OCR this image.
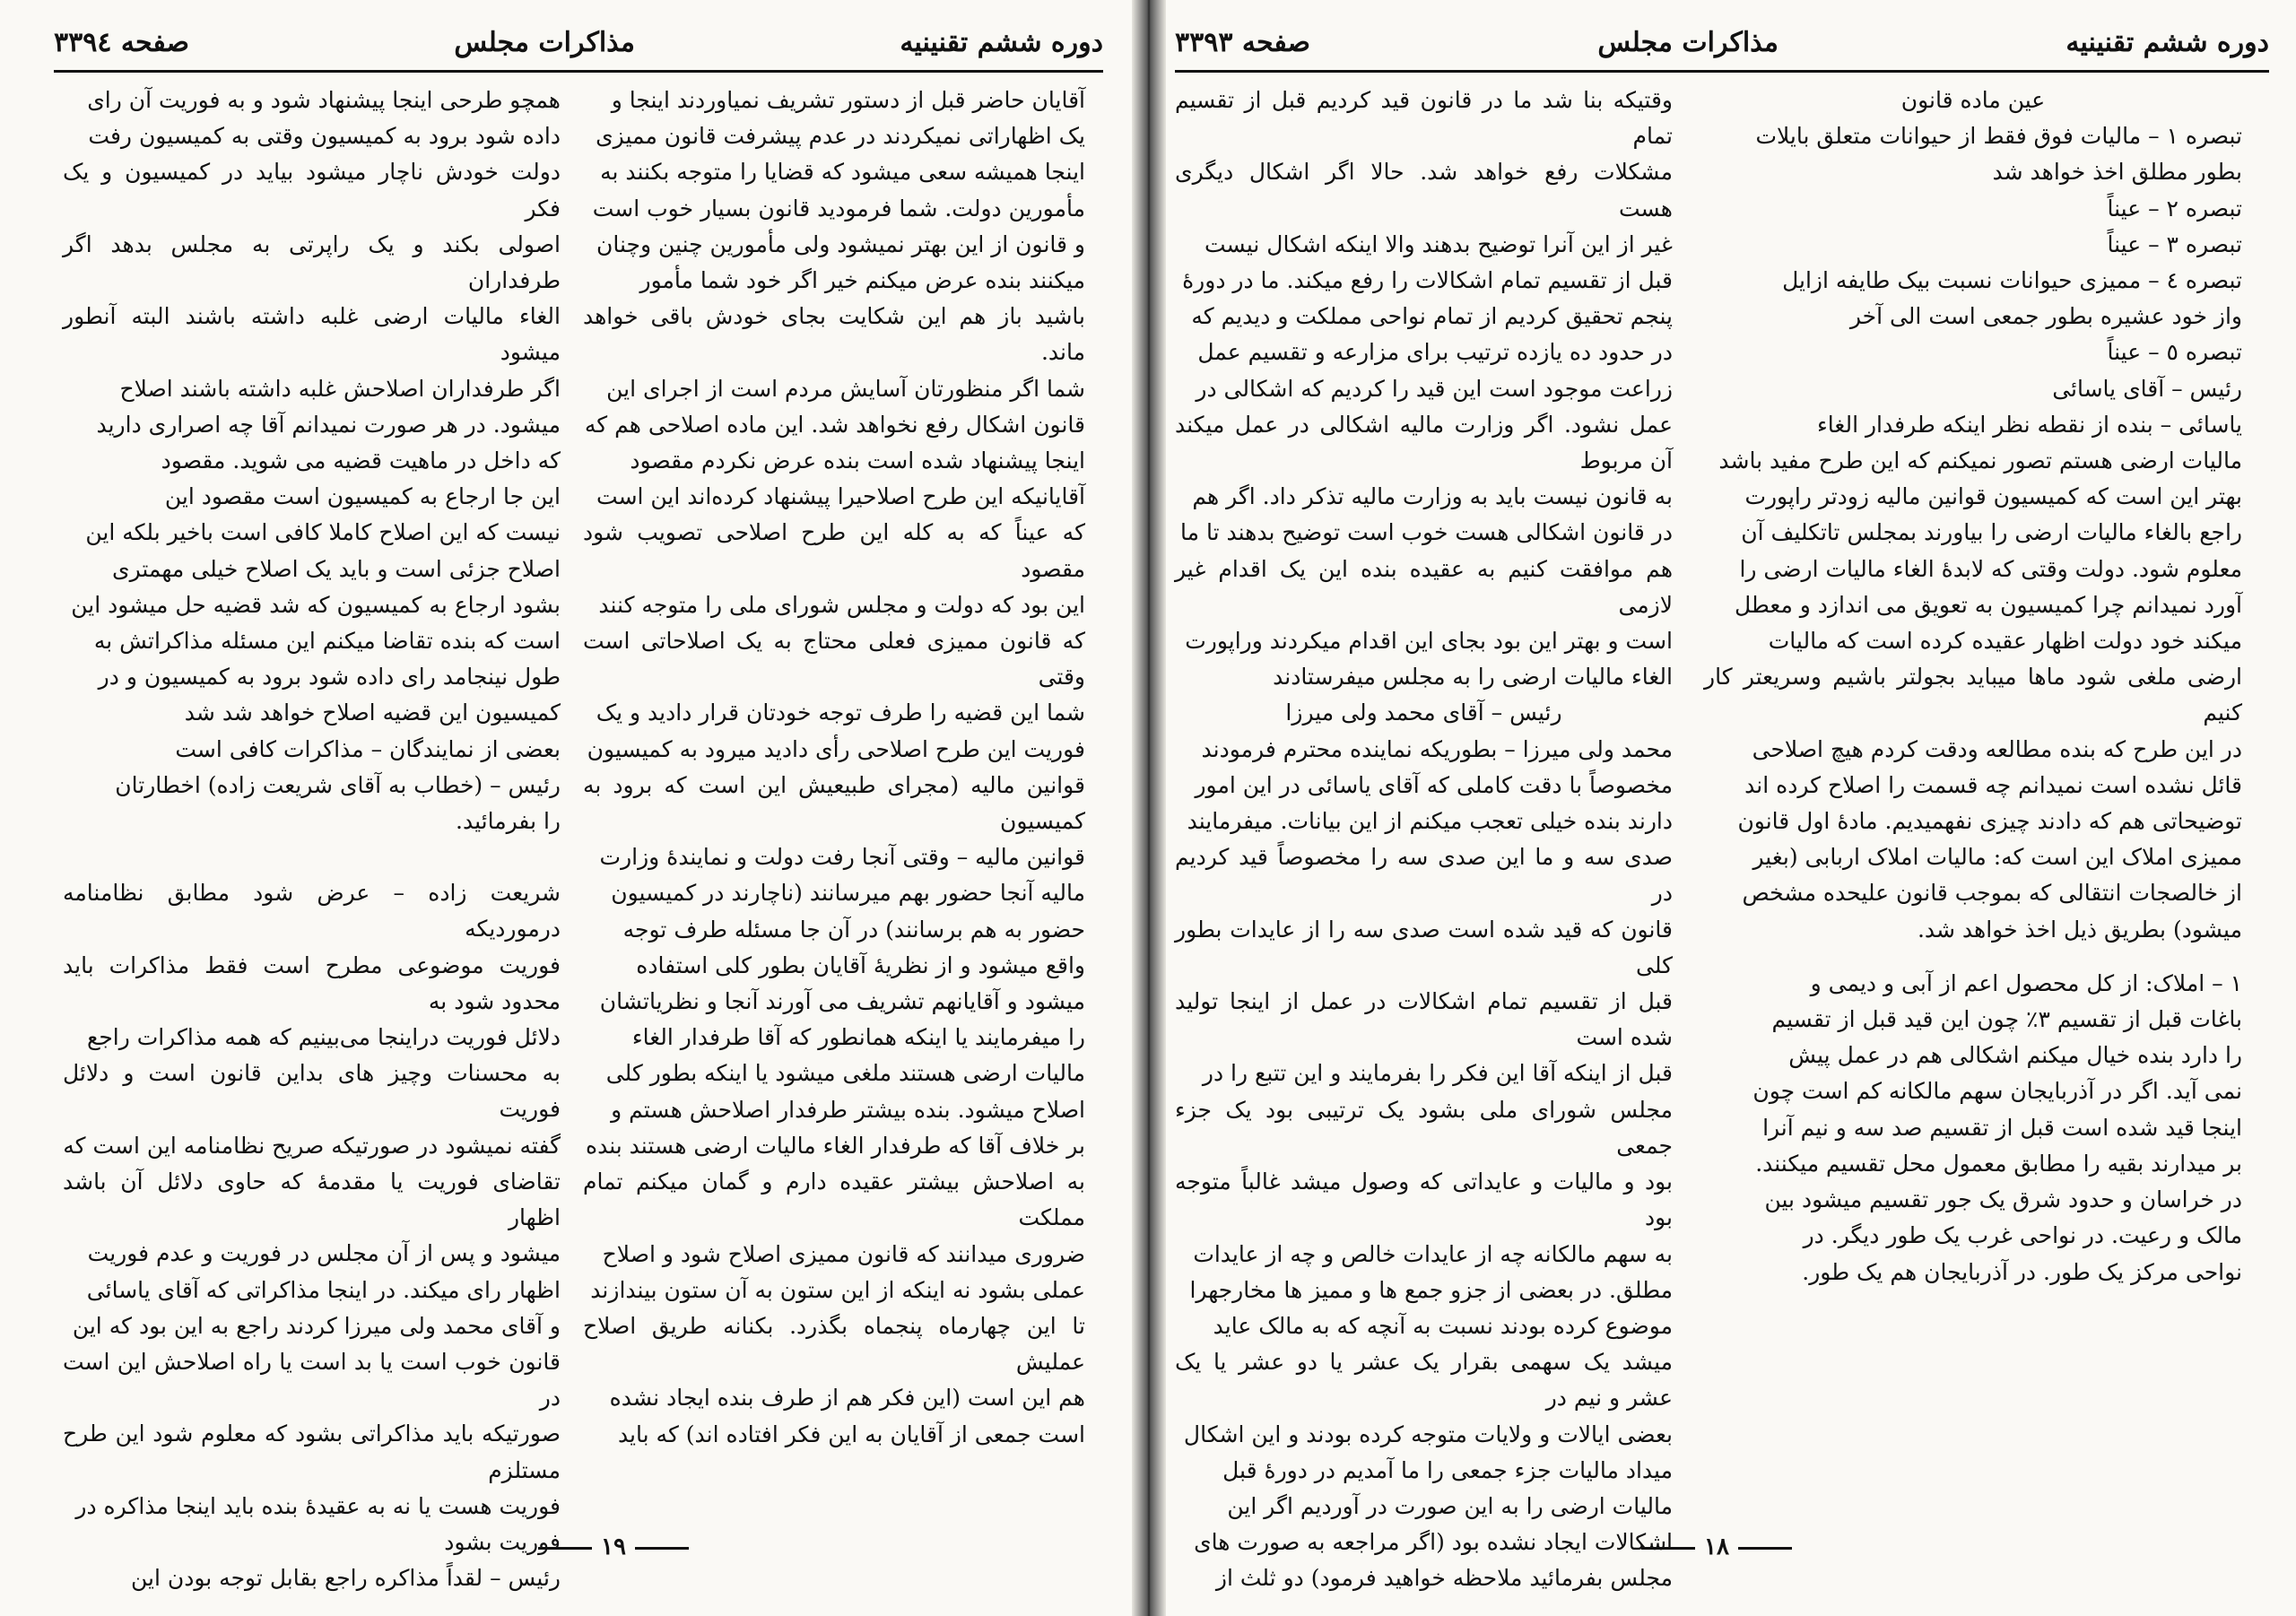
دوره ششم تقنینیه
مذاکرات مجلس
صفحه ۳۳۹٤

آقایان حاضر قبل از دستور تشریف نمیاوردند اینجا و

یک اظهاراتی نمیکردند در عدم پیشرفت قانون ممیزی

اینجا همیشه سعی میشود که قضایا را متوجه بکنند به

مأمورین دولت. شما فرمودید قانون بسیار خوب است

و قانون از این بهتر نمیشود ولی مأمورین چنین وچنان

میکنند بنده عرض میکنم خیر اگر خود شما مأمور

باشید باز هم این شکایت بجای خودش باقی خواهد ماند.

شما اگر منظورتان آسایش مردم است از اجرای این

قانون اشکال رفع نخواهد شد. این ماده اصلاحی هم که

اینجا پیشنهاد شده است بنده عرض نکردم مقصود

آقایانیکه این طرح اصلاحیرا پیشنهاد کرده‌اند این است

که عیناً که به کله این طرح اصلاحی تصویب شود مقصود

این بود که دولت و مجلس شورای ملی را متوجه کنند

که قانون ممیزی فعلی محتاج به یک اصلاحاتی است وقتی

شما این قضیه را طرف توجه خودتان قرار دادید و یک

فوریت این طرح اصلاحی رأی دادید میرود به کمیسیون

قوانین مالیه (مجرای طبیعیش این است که برود به کمیسیون

قوانین مالیه – وقتی آنجا رفت دولت و نمایندهٔ وزارت

مالیه آنجا حضور بهم میرسانند (ناچارند در کمیسیون

حضور به هم برسانند) در آن جا مسئله طرف توجه

واقع میشود و از نظریهٔ آقایان بطور کلی استفاده

میشود و آقایانهم تشریف می آورند آنجا و نظریاتشان

را میفرمایند یا اینکه همانطور که آقا طرفدار الغاء

مالیات ارضی هستند ملغی میشود یا اینکه بطور کلی

اصلاح میشود. بنده بیشتر طرفدار اصلاحش هستم و

بر خلاف آقا که طرفدار الغاء مالیات ارضی هستند بنده

به اصلاحش بیشتر عقیده دارم و گمان میکنم تمام مملکت

ضروری میدانند که قانون ممیزی اصلاح شود و اصلاح

عملی بشود نه اینکه از این ستون به آن ستون بیندازند

تا این چهارماه پنجماه بگذرد. بکنانه طریق اصلاح عملیش

هم این است (این فکر هم از طرف بنده ایجاد نشده

است جمعی از آقایان به این فکر افتاده اند) که باید

همچو طرحی اینجا پیشنهاد شود و به فوریت آن رای

داده شود برود به کمیسیون وقتی به کمیسیون رفت

دولت خودش ناچار میشود بیاید در کمیسیون و یک فکر

اصولی بکند و یک راپرتی به مجلس بدهد اگر طرفداران

الغاء مالیات ارضی غلبه داشته باشند البته آنطور میشود

اگر طرفداران اصلاحش غلبه داشته باشند اصلاح

میشود. در هر صورت نمیدانم آقا چه اصراری دارید

که داخل در ماهیت قضیه می شوید. مقصود

این جا ارجاع به کمیسیون است مقصود این

نیست که این اصلاح کاملا کافی است باخیر بلکه این

اصلاح جزئی است و باید یک اصلاح خیلی مهمتری

بشود ارجاع به کمیسیون که شد قضیه حل میشود این

است که بنده تقاضا میکنم این مسئله مذاکراتش به

طول نینجامد رای داده شود برود به کمیسیون و در

کمیسیون این قضیه اصلاح خواهد شد شد

بعضی از نمایندگان – مذاکرات کافی است

رئیس – (خطاب به آقای شریعت زاده) اخطارتان

را بفرمائید.

شریعت زاده – عرض شود مطابق نظامنامه درموردیکه

فوریت موضوعی مطرح است فقط مذاکرات باید محدود شود به

دلائل فوریت دراینجا می‌بینیم که همه مذاکرات راجع

به محسنات وچیز های بداین قانون است و دلائل فوریت

گفته نمیشود در صورتیکه صریح نظامنامه این است که

تقاضای فوریت یا مقدمهٔ که حاوی دلائل آن باشد اظهار

میشود و پس از آن مجلس در فوریت و عدم فوریت

اظهار رای میکند. در اینجا مذاکراتی که آقای یاسائی

و آقای محمد ولی میرزا کردند راجع به این بود که این

قانون خوب است یا بد است یا راه اصلاحش این است در

صورتیکه باید مذاکراتی بشود که معلوم شود این طرح مستلزم

فوریت هست یا نه به عقیدهٔ بنده باید اینجا مذاکره در

فوریت بشود

رئیس – لقداً مذاکره راجع بقابل توجه بودن این

۱۹
دوره ششم تقنینیه
مذاکرات مجلس
صفحه ۳۳۹۳

عین ماده قانون

تبصره ۱ – مالیات فوق فقط از حیوانات متعلق بایلات

بطور مطلق اخذ خواهد شد

تبصره ۲ – عیناً

تبصره ۳ – عیناً

تبصره ٤ – ممیزی حیوانات نسبت بیک طایفه ازایل

واز خود عشیره بطور جمعی است الی آخر

تبصره ٥ – عیناً

رئیس – آقای یاسائی

یاسائی – بنده از نقطه نظر اینکه طرفدار الغاء

مالیات ارضی هستم تصور نمیکنم که این طرح مفید باشد

بهتر این است که کمیسیون قوانین مالیه زودتر راپورت

راجع بالغاء مالیات ارضی را بیاورند بمجلس تاتکلیف آن

معلوم شود. دولت وقتی که لابدهٔ الغاء مالیات ارضی را

آورد نمیدانم چرا کمیسیون به تعویق می اندازد و معطل

میکند خود دولت اظهار عقیده کرده است که مالیات

ارضی ملغی شود ماها میباید بجولتر باشیم وسریعتر کار کنیم

در این طرح که بنده مطالعه ودقت کردم هیچ اصلاحی

قائل نشده است نمیدانم چه قسمت را اصلاح کرده اند

توضیحاتی هم که دادند چیزی نفهمیدیم. مادهٔ اول قانون

ممیزی املاک این است که: مالیات املاک اربابی (بغیر

از خالصجات انتقالی که بموجب قانون علیحده مشخص

میشود) بطریق ذیل اخذ خواهد شد.

۱ – املاک: از کل محصول اعم از آبی و دیمی و

باغات قبل از تقسیم ۳٪ چون این قید قبل از تقسیم

را دارد بنده خیال میکنم اشکالی هم در عمل پیش

نمی آید. اگر در آذربایجان سهم مالکانه کم است چون

اینجا قید شده است قبل از تقسیم صد سه و نیم آنرا

بر میدارند بقیه را مطابق معمول محل تقسیم میکنند.

در خراسان و حدود شرق یک جور تقسیم میشود بین

مالک و رعیت. در نواحی غرب یک طور دیگر. در

نواحی مرکز یک طور. در آذربایجان هم یک طور.

وقتیکه بنا شد ما در قانون قید کردیم قبل از تقسیم تمام

مشکلات رفع خواهد شد. حالا اگر اشکال دیگری هست

غیر از این آنرا توضیح بدهند والا اینکه اشکال نیست

قبل از تقسیم تمام اشکالات را رفع میکند. ما در دورهٔ

پنجم تحقیق کردیم از تمام نواحی مملکت و دیدیم که

در حدود ده یازده ترتیب برای مزارعه و تقسیم عمل

زراعت موجود است این قید را کردیم که اشکالی در

عمل نشود. اگر وزارت مالیه اشکالی در عمل میکند آن مربوط

به قانون نیست باید به وزارت مالیه تذکر داد. اگر هم

در قانون اشکالی هست خوب است توضیح بدهند تا ما

هم موافقت کنیم به عقیده بنده این یک اقدام غیر لازمی

است و بهتر این بود بجای این اقدام میکردند وراپورت

الغاء مالیات ارضی را به مجلس میفرستادند

رئیس – آقای محمد ولی میرزا

محمد ولی میرزا – بطوریکه نماینده محترم فرمودند

مخصوصاً با دقت کاملی که آقای یاسائی در این امور

دارند بنده خیلی تعجب میکنم از این بیانات. میفرمایند

صدی سه و ما این صدی سه را مخصوصاً قید کردیم در

قانون که قید شده است صدی سه را از عایدات بطور کلی

قبل از تقسیم تمام اشکالات در عمل از اینجا تولید شده است

قبل از اینکه آقا این فکر را بفرمایند و این تتبع را در

مجلس شورای ملی بشود یک ترتیبی بود یک جزء جمعی

بود و مالیات و عایداتی که وصول میشد غالباً متوجه بود

به سهم مالکانه چه از عایدات خالص و چه از عایدات

مطلق. در بعضی از جزو جمع ها و ممیز ها مخارجهرا

موضوع کرده بودند نسبت به آنچه که به مالک عاید

میشد یک سهمی بقرار یک عشر یا دو عشر یا یک عشر و نیم در

بعضی ایالات و ولایات متوجه کرده بودند و این اشکال

میداد مالیات جزء جمعی را ما آمدیم در دورهٔ قبل

مالیات ارضی را به این صورت در آوردیم اگر این

اشکالات ایجاد نشده بود (اگر مراجعه به صورت های

مجلس بفرمائید ملاحظه خواهید فرمود) دو ثلث از

۱۸
